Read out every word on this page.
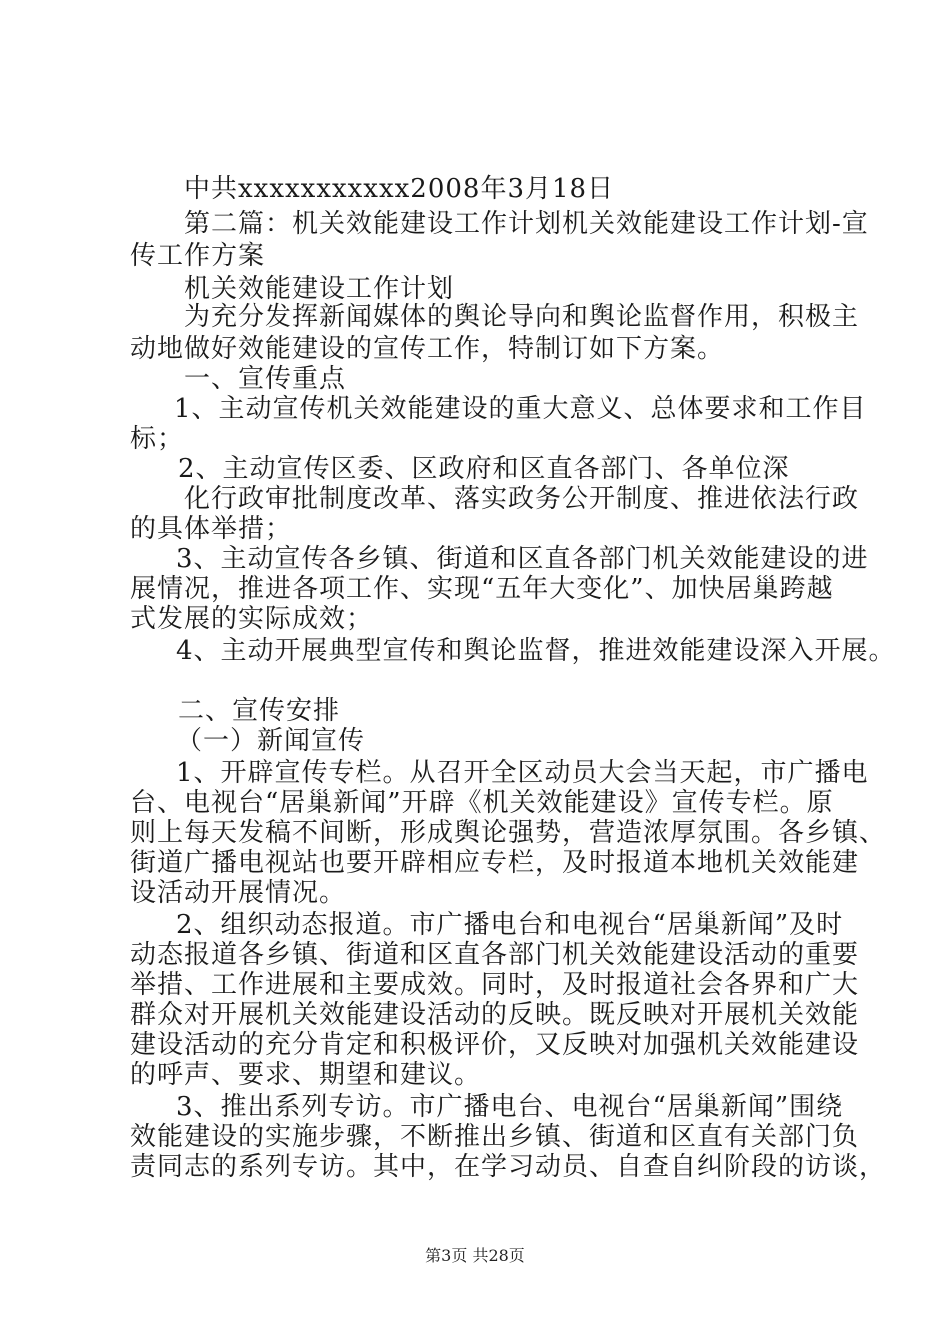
中共xxxxxxxxxxx2008年3月18日
第二篇：机关效能建设工作计划机关效能建设工作计划-宣
传工作方案
机关效能建设工作计划
为充分发挥新闻媒体的舆论导向和舆论监督作用，积极主
动地做好效能建设的宣传工作，特制订如下方案。
一、宣传重点
1、主动宣传机关效能建设的重大意义、总体要求和工作目
标；
2、主动宣传区委、区政府和区直各部门、各单位深
化行政审批制度改革、落实政务公开制度、推进依法行政
的具体举措；
3、主动宣传各乡镇、街道和区直各部门机关效能建设的进
展情况，推进各项工作、实现“五年大变化”、加快居巢跨越
式发展的实际成效；
4、主动开展典型宣传和舆论监督，推进效能建设深入开展。
二、宣传安排
（一）新闻宣传
1、开辟宣传专栏。从召开全区动员大会当天起，市广播电
台、电视台“居巢新闻”开辟《机关效能建设》宣传专栏。原
则上每天发稿不间断，形成舆论强势，营造浓厚氛围。各乡镇、
街道广播电视站也要开辟相应专栏，及时报道本地机关效能建
设活动开展情况。
2、组织动态报道。市广播电台和电视台“居巢新闻”及时
动态报道各乡镇、街道和区直各部门机关效能建设活动的重要
举措、工作进展和主要成效。同时，及时报道社会各界和广大
群众对开展机关效能建设活动的反映。既反映对开展机关效能
建设活动的充分肯定和积极评价，又反映对加强机关效能建设
的呼声、要求、期望和建议。
3、推出系列专访。市广播电台、电视台“居巢新闻”围绕
效能建设的实施步骤，不断推出乡镇、街道和区直有关部门负
责同志的系列专访。其中，在学习动员、自查自纠阶段的访谈，
第3页 共28页
